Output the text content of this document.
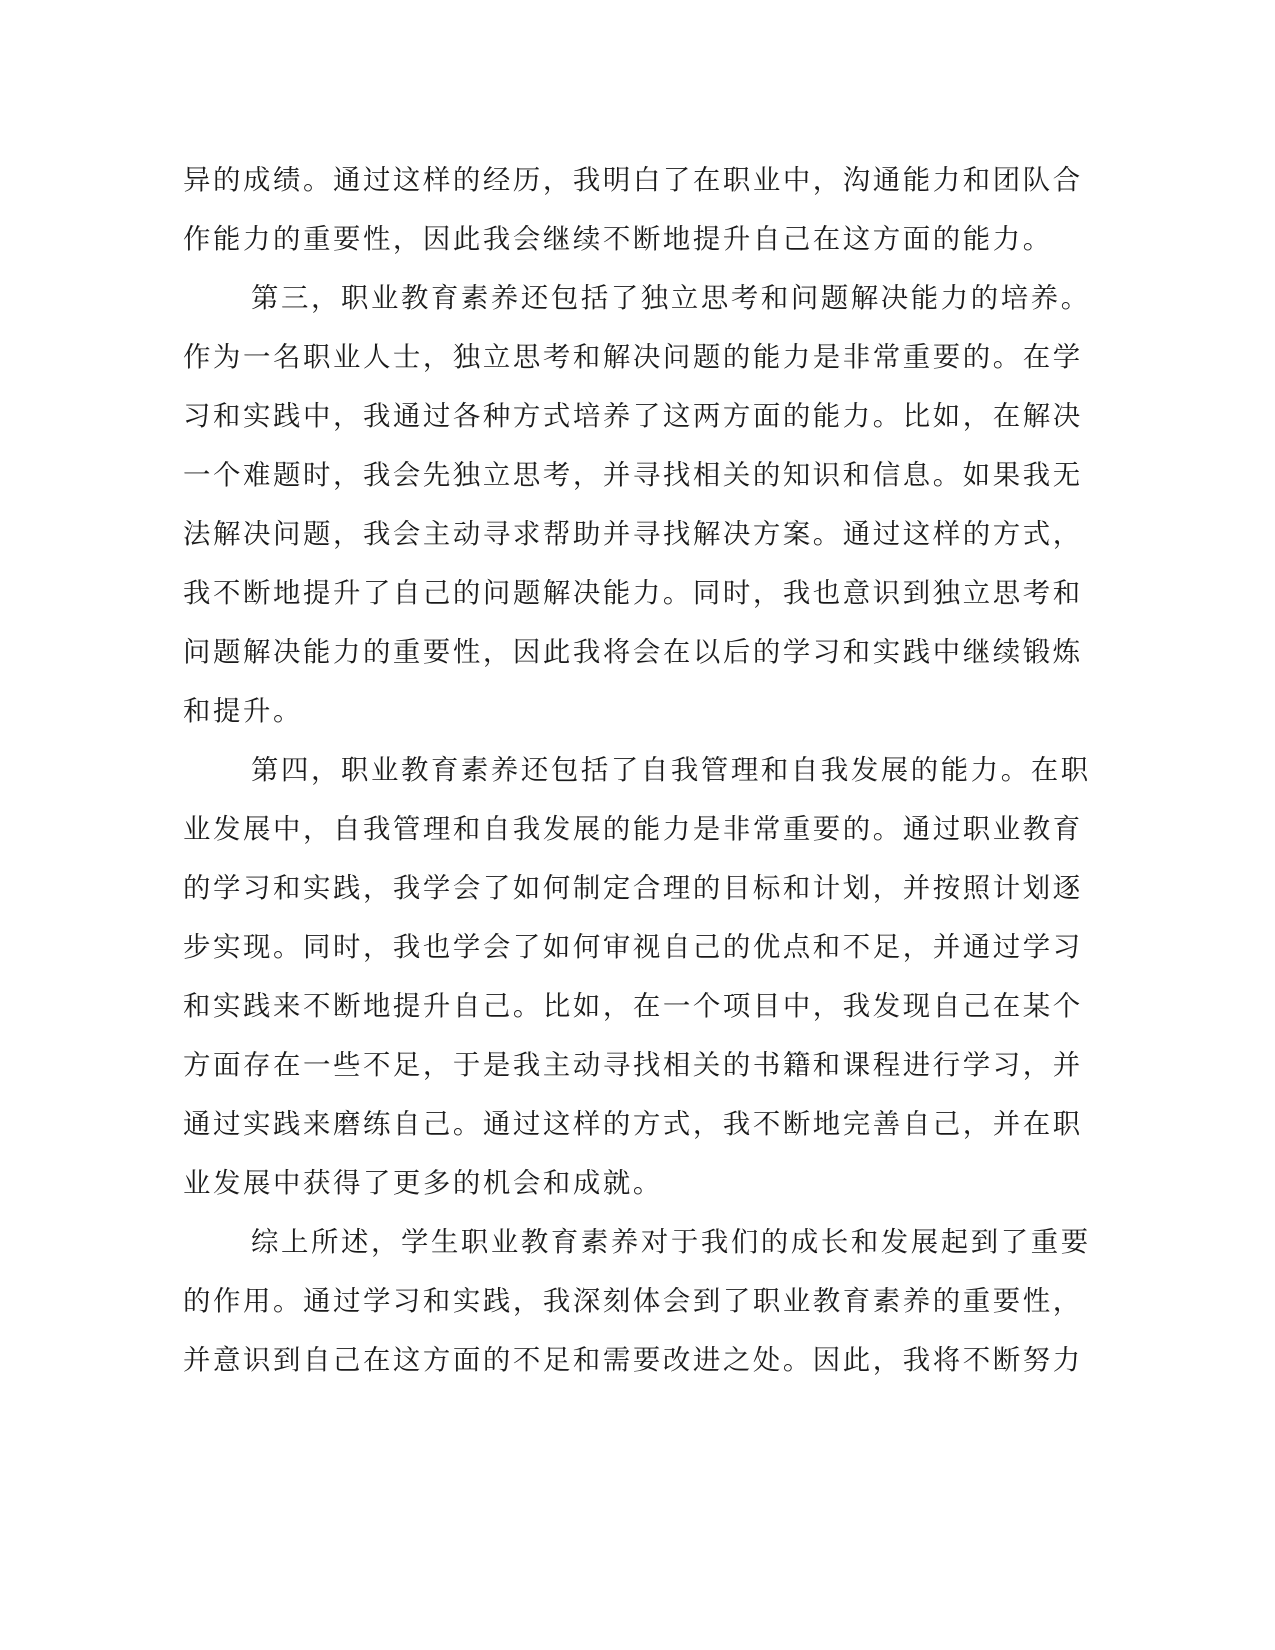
异的成绩。通过这样的经历，我明白了在职业中，沟通能力和团队合
作能力的重要性，因此我会继续不断地提升自己在这方面的能力。
第三，职业教育素养还包括了独立思考和问题解决能力的培养。
作为一名职业人士，独立思考和解决问题的能力是非常重要的。在学
习和实践中，我通过各种方式培养了这两方面的能力。比如，在解决
一个难题时，我会先独立思考，并寻找相关的知识和信息。如果我无
法解决问题，我会主动寻求帮助并寻找解决方案。通过这样的方式，
我不断地提升了自己的问题解决能力。同时，我也意识到独立思考和
问题解决能力的重要性，因此我将会在以后的学习和实践中继续锻炼
和提升。
第四，职业教育素养还包括了自我管理和自我发展的能力。在职
业发展中，自我管理和自我发展的能力是非常重要的。通过职业教育
的学习和实践，我学会了如何制定合理的目标和计划，并按照计划逐
步实现。同时，我也学会了如何审视自己的优点和不足，并通过学习
和实践来不断地提升自己。比如，在一个项目中，我发现自己在某个
方面存在一些不足，于是我主动寻找相关的书籍和课程进行学习，并
通过实践来磨练自己。通过这样的方式，我不断地完善自己，并在职
业发展中获得了更多的机会和成就。
综上所述，学生职业教育素养对于我们的成长和发展起到了重要
的作用。通过学习和实践，我深刻体会到了职业教育素养的重要性，
并意识到自己在这方面的不足和需要改进之处。因此，我将不断努力
